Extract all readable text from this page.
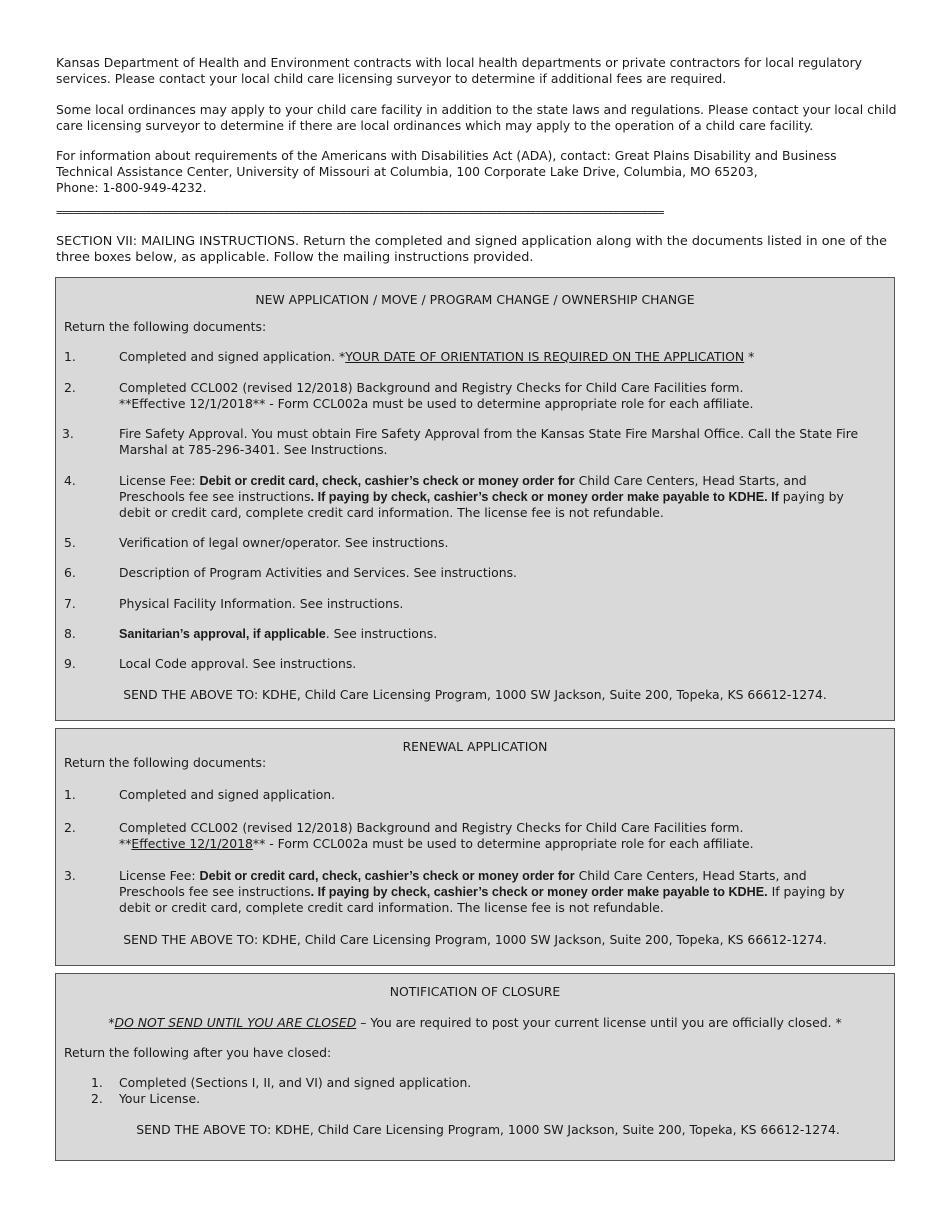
Kansas Department of Health and Environment contracts with local health departments or private contractors for local regulatory services. Please contact your local child care licensing surveyor to determine if additional fees are required.
Some local ordinances may apply to your child care facility in addition to the state laws and regulations. Please contact your local child care licensing surveyor to determine if there are local ordinances which may apply to the operation of a child care facility.
For information about requirements of the Americans with Disabilities Act (ADA), contact: Great Plains Disability and Business
Technical Assistance Center, University of Missouri at Columbia, 100 Corporate Lake Drive, Columbia, MO 65203,
Phone: 1-800-949-4232.
=============================================================================================================
SECTION VII: MAILING INSTRUCTIONS. Return the completed and signed application along with the documents listed in one of the three boxes below, as applicable. Follow the mailing instructions provided.
NEW APPLICATION / MOVE / PROGRAM CHANGE / OWNERSHIP CHANGE
Return the following documents:
1.	Completed and signed application. *YOUR DATE OF ORIENTATION IS REQUIRED ON THE APPLICATION *
2.	Completed CCL002 (revised 12/2018) Background and Registry Checks for Child Care Facilities form.
**Effective 12/1/2018** - Form CCL002a must be used to determine appropriate role for each affiliate.
3.	Fire Safety Approval. You must obtain Fire Safety Approval from the Kansas State Fire Marshal Office. Call the State Fire Marshal at 785-296-3401. See Instructions.
4.	License Fee: Debit or credit card, check, cashier’s check or money order for Child Care Centers, Head Starts, and Preschools fee see instructions. If paying by check, cashier’s check or money order make payable to KDHE. If paying by debit or credit card, complete credit card information. The license fee is not refundable.
5.	Verification of legal owner/operator. See instructions.
6.	Description of Program Activities and Services. See instructions.
7.	Physical Facility Information. See instructions.
8.	Sanitarian’s approval, if applicable. See instructions.
9.	Local Code approval. See instructions.
SEND THE ABOVE TO: KDHE, Child Care Licensing Program, 1000 SW Jackson, Suite 200, Topeka, KS 66612-1274.
RENEWAL APPLICATION
Return the following documents:
1.	Completed and signed application.
2.	Completed CCL002 (revised 12/2018) Background and Registry Checks for Child Care Facilities form.
**Effective 12/1/2018** - Form CCL002a must be used to determine appropriate role for each affiliate.
3.	License Fee: Debit or credit card, check, cashier’s check or money order for Child Care Centers, Head Starts, and Preschools fee see instructions. If paying by check, cashier’s check or money order make payable to KDHE. If paying by debit or credit card, complete credit card information. The license fee is not refundable.
SEND THE ABOVE TO: KDHE, Child Care Licensing Program, 1000 SW Jackson, Suite 200, Topeka, KS 66612-1274.
NOTIFICATION OF CLOSURE
*DO NOT SEND UNTIL YOU ARE CLOSED – You are required to post your current license until you are officially closed. *
Return the following after you have closed:
1. Completed (Sections I, II, and VI) and signed application.
2. Your License.
SEND THE ABOVE TO: KDHE, Child Care Licensing Program, 1000 SW Jackson, Suite 200, Topeka, KS 66612-1274.
